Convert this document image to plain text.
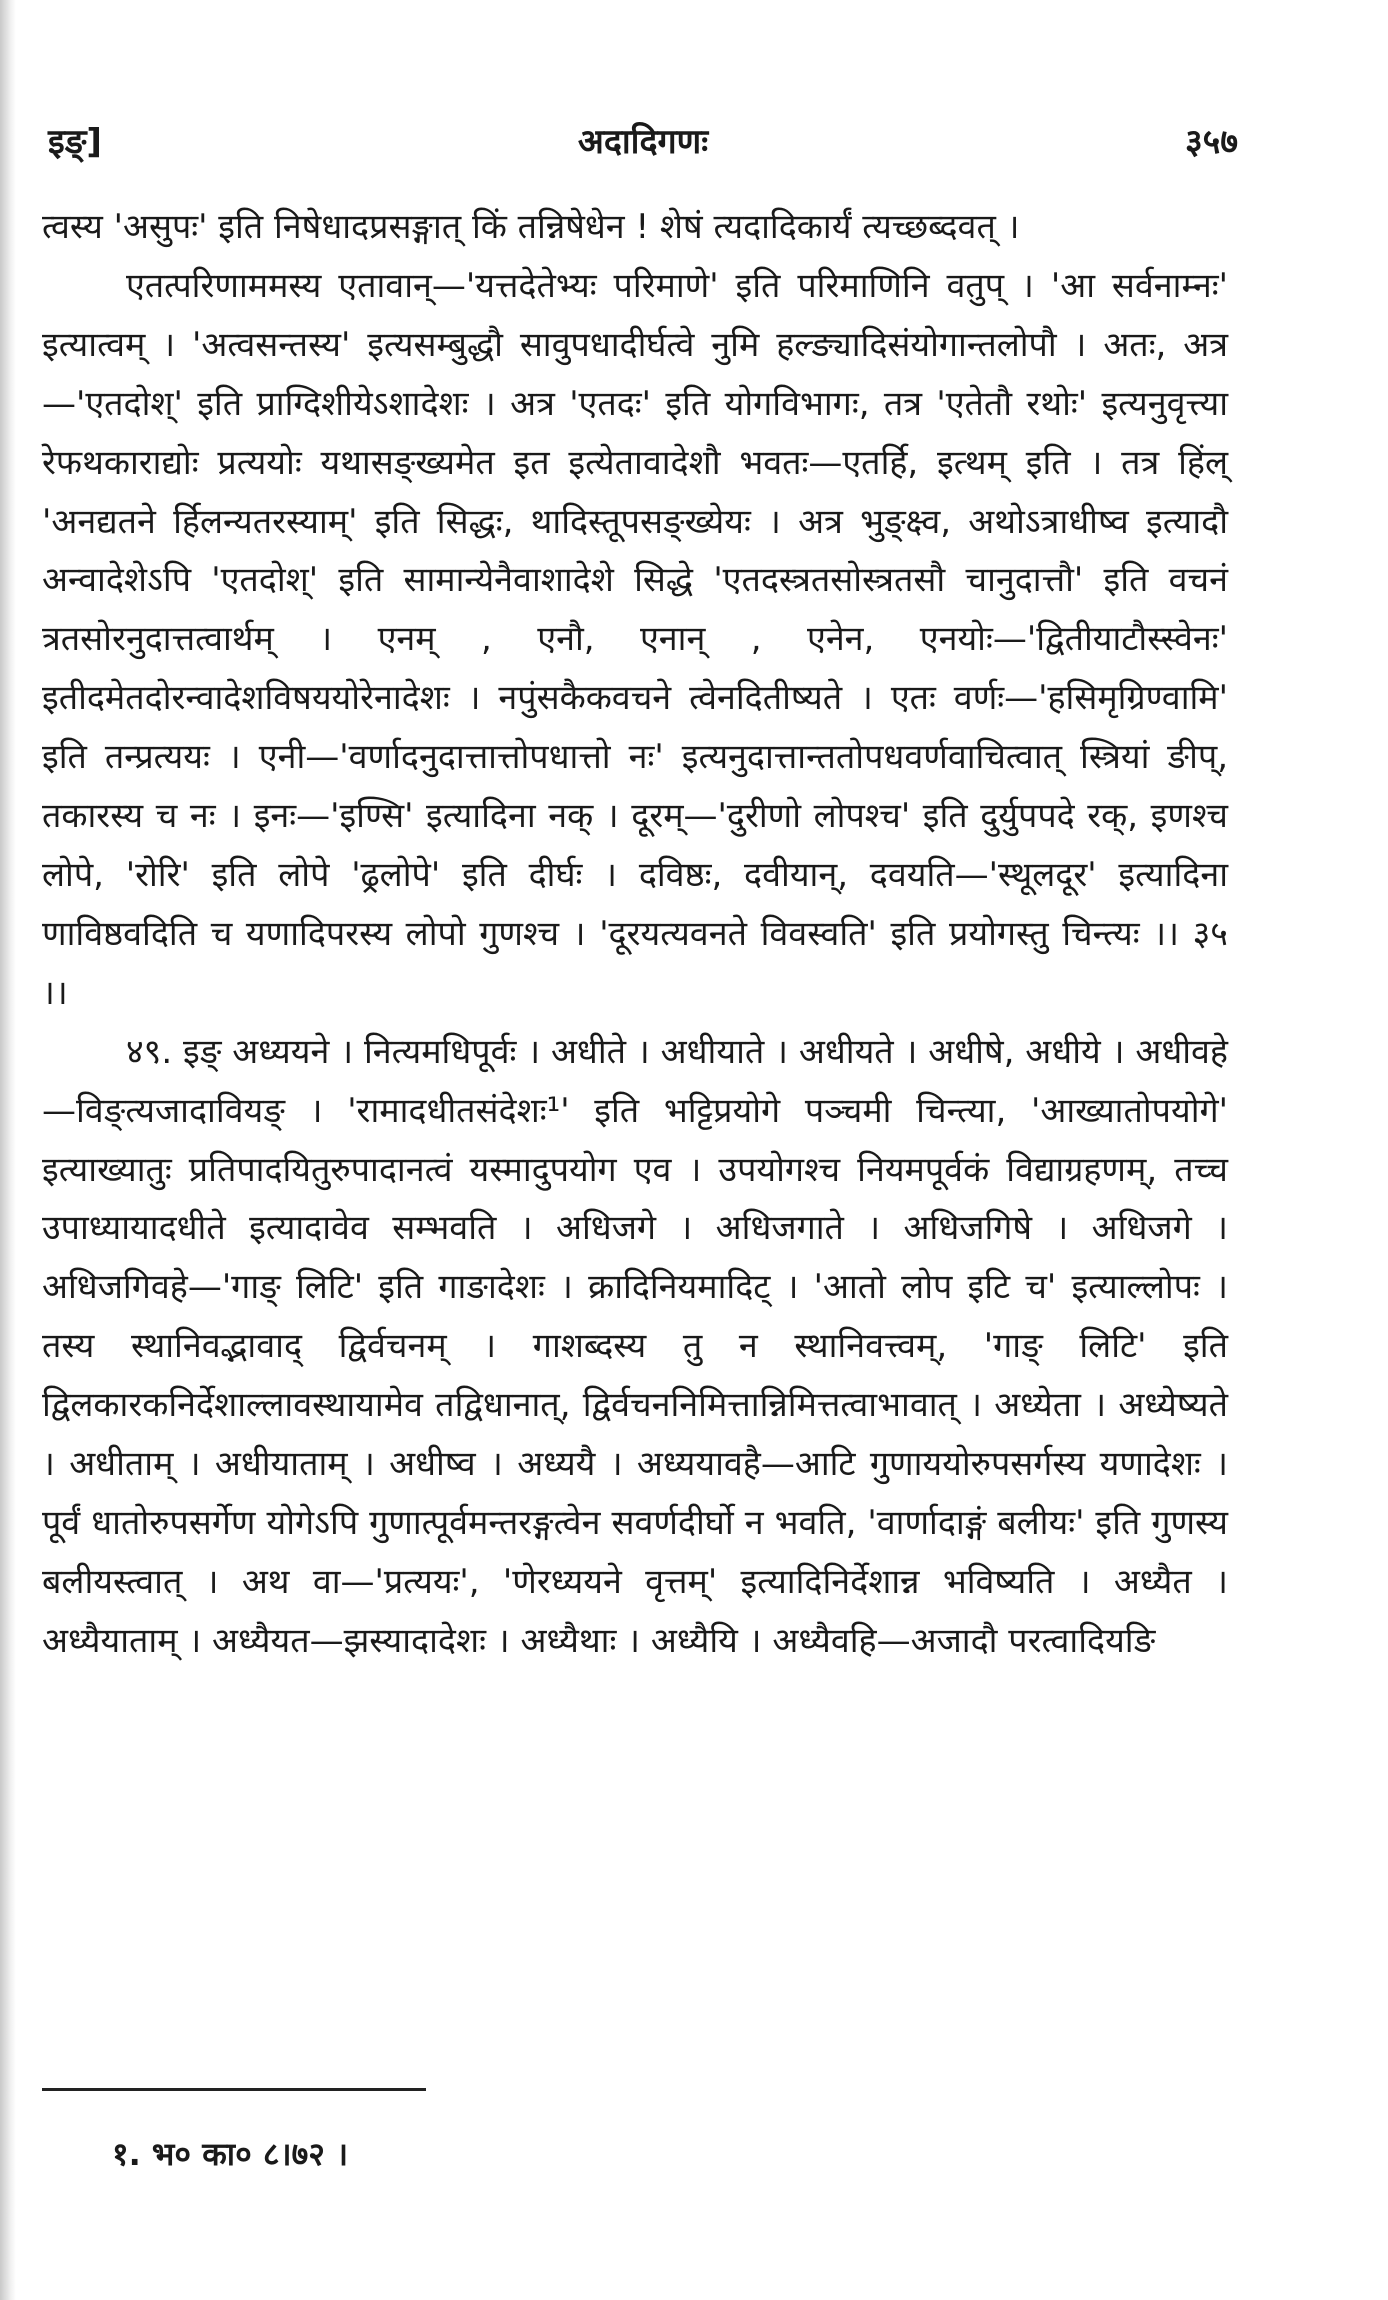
इङ्]	अदादिगणः	३५७

त्वस्य 'असुपः' इति निषेधादप्रसङ्गात् किं तन्निषेधेन ! शेषं त्यदादिकार्यं त्यच्छब्दवत् ।

एतत्परिणाममस्य एतावान्—'यत्तदेतेभ्यः परिमाणे' इति परिमाणिनि वतुप् । 'आ सर्वनाम्नः' इत्यात्वम् । 'अत्वसन्तस्य' इत्यसम्बुद्धौ सावुपधादीर्घत्वे नुमि हल्ङ्यादिसंयोगान्तलोपौ । अतः, अत्र—'एतदोश्' इति प्राग्दिशीयेऽशादेशः । अत्र 'एतदः' इति योगविभागः, तत्र 'एतेतौ रथोः' इत्यनुवृत्त्या रेफथकाराद्योः प्रत्ययोः यथासङ्ख्यमेत इत इत्येतावादेशौ भवतः—एतर्हि, इत्थम् इति । तत्र हिंल् 'अनद्यतने र्हिलन्यतरस्याम्' इति सिद्धः, थादिस्तूपसङ्ख्येयः । अत्र भुङ्क्ष्व, अथोऽत्राधीष्व इत्यादौ अन्वादेशेऽपि 'एतदोश्' इति सामान्येनैवाशादेशे सिद्धे 'एतदस्त्रतसोस्त्रतसौ चानुदात्तौ' इति वचनं त्रतसोरनुदात्तत्वार्थम् । एनम् , एनौ, एनान् , एनेन, एनयोः—'द्वितीयाटौस्स्वेनः' इतीदमेतदोरन्वादेशविषययोरेनादेशः । नपुंसकैकवचने त्वेनदितीष्यते । एतः वर्णः—'हसिमृग्रिण्वामि' इति तन्प्रत्ययः । एनी—'वर्णादनुदात्तात्तोपधात्तो नः' इत्यनुदात्तान्ततोपधवर्णवाचित्वात् स्त्रियां ङीप्, तकारस्य च नः । इनः—'इण्सि' इत्यादिना नक् । दूरम्—'दुरीणो लोपश्च' इति दुर्युपपदे रक्, इणश्च लोपे, 'रोरि' इति लोपे 'ढ्रलोपे' इति दीर्घः । दविष्ठः, दवीयान्, दवयति—'स्थूलदूर' इत्यादिना णाविष्ठवदिति च यणादिपरस्य लोपो गुणश्च । 'दूरयत्यवनते विवस्वति' इति प्रयोगस्तु चिन्त्यः ।। ३५ ।।

४९. इङ् अध्ययने । नित्यमधिपूर्वः । अधीते । अधीयाते । अधीयते । अधीषे, अधीये । अधीवहे—विङ्त्यजादावियङ् । 'रामादधीतसंदेशः¹' इति भट्टिप्रयोगे पञ्चमी चिन्त्या, 'आख्यातोपयोगे' इत्याख्यातुः प्रतिपादयितुरुपादानत्वं यस्मादुपयोग एव । उपयोगश्च नियमपूर्वकं विद्याग्रहणम्, तच्च उपाध्यायादधीते इत्यादावेव सम्भवति । अधिजगे । अधिजगाते । अधिजगिषे । अधिजगे । अधिजगिवहे—'गाङ् लिटि' इति गाङादेशः । क्रादिनियमादिट् । 'आतो लोप इटि च' इत्याल्लोपः । तस्य स्थानिवद्भावाद् द्विर्वचनम् । गाशब्दस्य तु न स्थानिवत्त्वम्, 'गाङ् लिटि' इति द्विलकारकनिर्देशाल्लावस्थायामेव तद्विधानात्, द्विर्वचननिमित्तान्निमित्तत्वाभावात् । अध्येता । अध्येष्यते । अधीताम् । अधीयाताम् । अधीष्व । अध्ययै । अध्ययावहै—आटि गुणाययोरुपसर्गस्य यणादेशः । पूर्वं धातोरुपसर्गेण योगेऽपि गुणात्पूर्वमन्तरङ्गत्वेन सवर्णदीर्घो न भवति, 'वार्णादाङ्गं बलीयः' इति गुणस्य बलीयस्त्वात् । अथ वा—'प्रत्ययः', 'णेरध्ययने वृत्तम्' इत्यादिनिर्देशान्न भविष्यति । अध्यैत । अध्यैयाताम् । अध्यैयत—झस्यादादेशः । अध्यैथाः । अध्यैयि । अध्यैवहि—अजादौ परत्वादियङि

१. भ० का० ८।७२ ।
